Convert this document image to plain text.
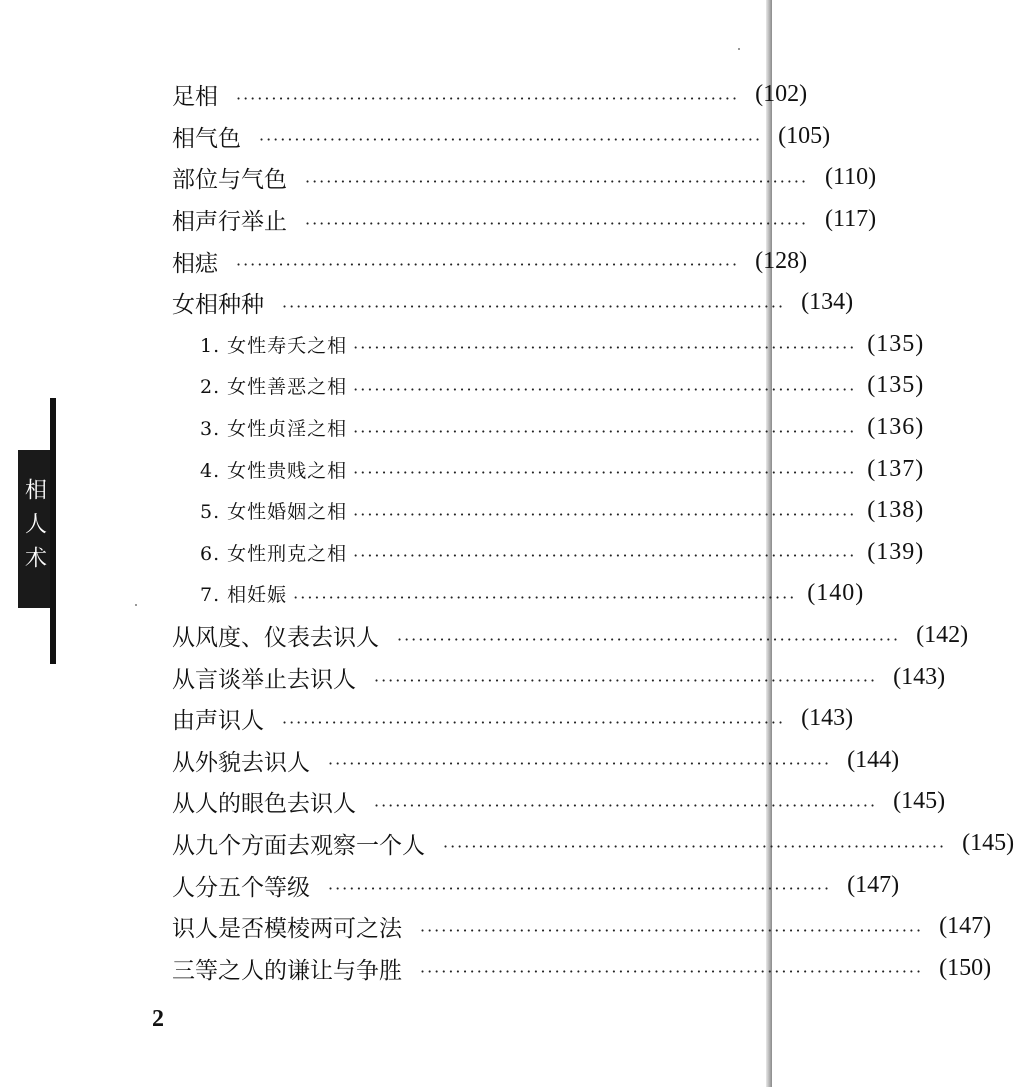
相人术
足相 ······································································· (102)
相气色 ······································································· (105)
部位与气色 ······································································· (110)
相声行举止 ······································································· (117)
相痣 ······································································· (128)
女相种种 ······································································· (134)
1. 女性寿夭之相 ······································································· (135)
2. 女性善恶之相 ······································································· (135)
3. 女性贞淫之相 ······································································· (136)
4. 女性贵贱之相 ······································································· (137)
5. 女性婚姻之相 ······································································· (138)
6. 女性刑克之相 ······································································· (139)
7. 相妊娠 ······································································· (140)
从风度、仪表去识人 ······································································· (142)
从言谈举止去识人 ······································································· (143)
由声识人 ······································································· (143)
从外貌去识人 ······································································· (144)
从人的眼色去识人 ······································································· (145)
从九个方面去观察一个人 ······································································· (145)
人分五个等级 ······································································· (147)
识人是否模棱两可之法 ······································································· (147)
三等之人的谦让与争胜 ······································································· (150)
2
